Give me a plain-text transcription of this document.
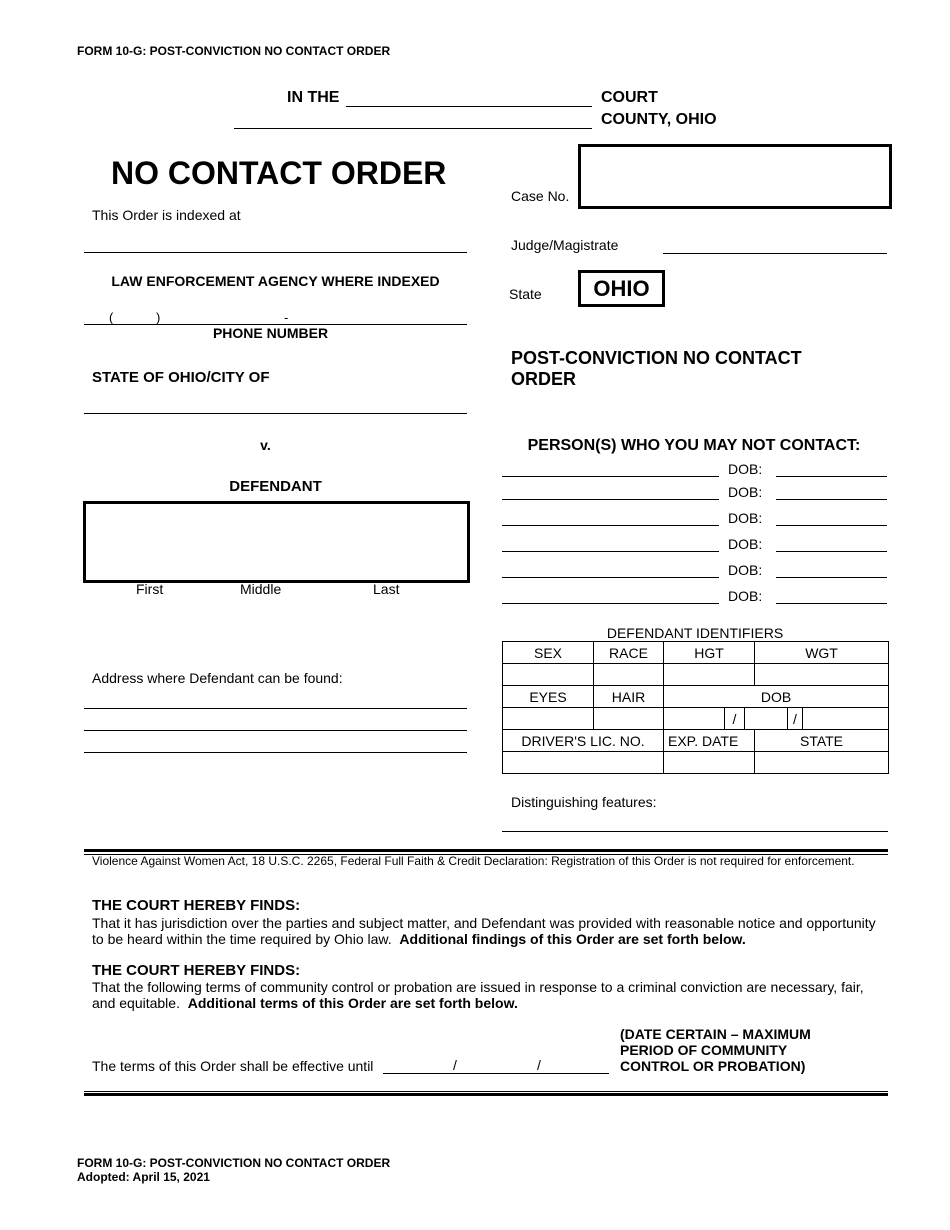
FORM 10-G: POST-CONVICTION NO CONTACT ORDER
IN THE	COURT
COUNTY, OHIO
NO CONTACT ORDER
This Order is indexed at
LAW ENFORCEMENT AGENCY WHERE INDEXED
(	)	-
PHONE NUMBER
STATE OF OHIO/CITY OF
v.
DEFENDANT
First	Middle	Last
Address where Defendant can be found:
Case No.
Judge/Magistrate
State	OHIO
POST-CONVICTION NO CONTACT ORDER
PERSON(S) WHO YOU MAY NOT CONTACT:
DOB:
DOB:
DOB:
DOB:
DOB:
DOB:
DEFENDANT IDENTIFIERS
SEX	RACE	HGT			WGT		

EYES	HAIR	DOB					
			/			/	
DRIVER'S LIC. NO.		EXP. DATE			STATE		

Distinguishing features:
Violence Against Women Act, 18 U.S.C. 2265, Federal Full Faith & Credit Declaration: Registration of this Order is not required for enforcement.
THE COURT HEREBY FINDS:
That it has jurisdiction over the parties and subject matter, and Defendant was provided with reasonable notice and opportunity to be heard within the time required by Ohio law. Additional findings of this Order are set forth below.
THE COURT HEREBY FINDS:
That the following terms of community control or probation are issued in response to a criminal conviction are necessary, fair, and equitable. Additional terms of this Order are set forth below.
The terms of this Order shall be effective until	/	/
(DATE CERTAIN – MAXIMUM PERIOD OF COMMUNITY CONTROL OR PROBATION)
FORM 10-G: POST-CONVICTION NO CONTACT ORDER
Adopted: April 15, 2021
